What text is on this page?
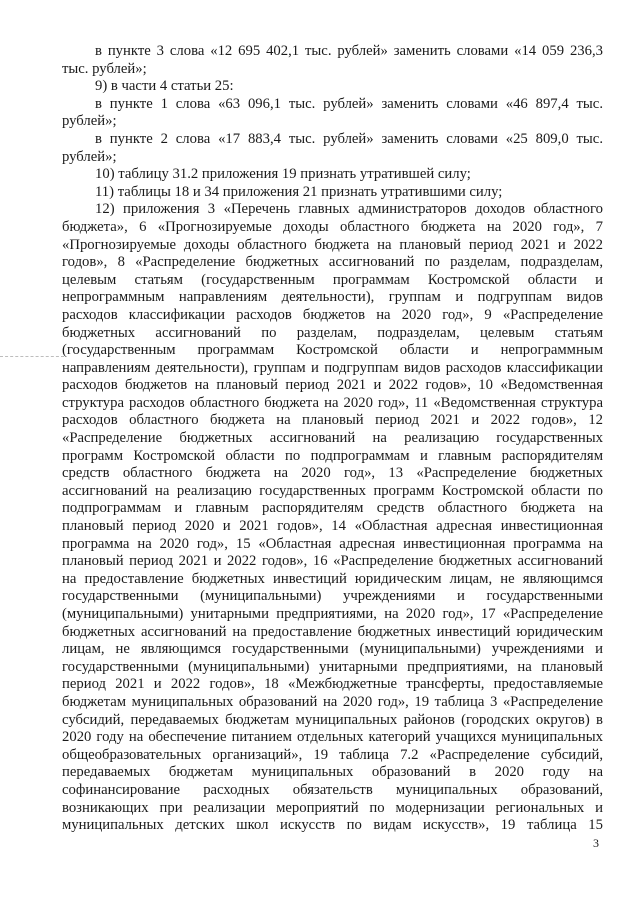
в пункте 3 слова «12 695 402,1 тыс. рублей» заменить словами «14 059 236,3
тыс. рублей»;
9) в части 4 статьи 25:
в пункте 1 слова «63 096,1 тыс. рублей» заменить словами «46 897,4 тыс.
рублей»;
в пункте 2 слова «17 883,4 тыс. рублей» заменить словами «25 809,0 тыс.
рублей»;
10) таблицу 31.2 приложения 19 признать утратившей силу;
11) таблицы 18 и 34 приложения 21 признать утратившими силу;
12) приложения 3 «Перечень главных администраторов доходов областного
бюджета», 6 «Прогнозируемые доходы областного бюджета на 2020 год», 7
«Прогнозируемые доходы областного бюджета на плановый период 2021 и 2022
годов», 8 «Распределение бюджетных ассигнований по разделам, подразделам,
целевым статьям (государственным программам Костромской области и
непрограммным направлениям деятельности), группам и подгруппам видов
расходов классификации расходов бюджетов на 2020 год», 9 «Распределение
бюджетных ассигнований по разделам, подразделам, целевым статьям
(государственным программам Костромской области и непрограммным
направлениям деятельности), группам и подгруппам видов расходов классификации
расходов бюджетов на плановый период 2021 и 2022 годов», 10 «Ведомственная
структура расходов областного бюджета на 2020 год», 11 «Ведомственная структура
расходов областного бюджета на плановый период 2021 и 2022 годов», 12
«Распределение бюджетных ассигнований на реализацию государственных
программ Костромской области по подпрограммам и главным распорядителям
средств областного бюджета на 2020 год», 13 «Распределение бюджетных
ассигнований на реализацию государственных программ Костромской области по
подпрограммам и главным распорядителям средств областного бюджета на
плановый период 2020 и 2021 годов», 14 «Областная адресная инвестиционная
программа на 2020 год», 15 «Областная адресная инвестиционная программа на
плановый период 2021 и 2022 годов», 16 «Распределение бюджетных ассигнований
на предоставление бюджетных инвестиций юридическим лицам, не являющимся
государственными (муниципальными) учреждениями и государственными
(муниципальными) унитарными предприятиями, на 2020 год», 17 «Распределение
бюджетных ассигнований на предоставление бюджетных инвестиций юридическим
лицам, не являющимся государственными (муниципальными) учреждениями и
государственными (муниципальными) унитарными предприятиями, на плановый
период 2021 и 2022 годов», 18 «Межбюджетные трансферты, предоставляемые
бюджетам муниципальных образований на 2020 год», 19 таблица 3 «Распределение
субсидий, передаваемых бюджетам муниципальных районов (городских округов) в
2020 году на обеспечение питанием отдельных категорий учащихся муниципальных
общеобразовательных организаций», 19 таблица 7.2 «Распределение субсидий,
передаваемых бюджетам муниципальных образований в 2020 году на
софинансирование расходных обязательств муниципальных образований,
возникающих при реализации мероприятий по модернизации региональных и
муниципальных детских школ искусств по видам искусств», 19 таблица 15
3
